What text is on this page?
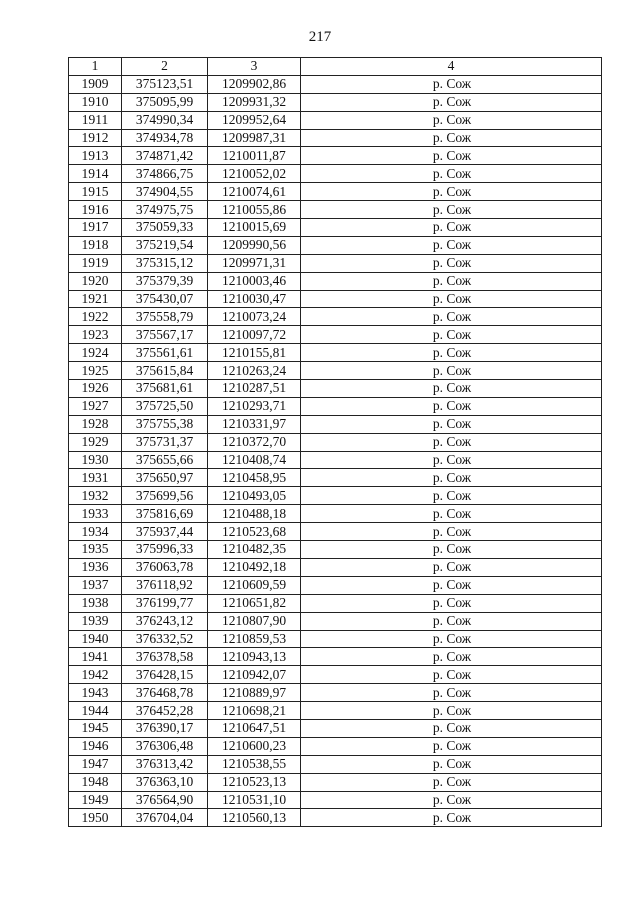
217
1	2	3	4
1909	375123,51	1209902,86	р. Сож
1910	375095,99	1209931,32	р. Сож
1911	374990,34	1209952,64	р. Сож
1912	374934,78	1209987,31	р. Сож
1913	374871,42	1210011,87	р. Сож
1914	374866,75	1210052,02	р. Сож
1915	374904,55	1210074,61	р. Сож
1916	374975,75	1210055,86	р. Сож
1917	375059,33	1210015,69	р. Сож
1918	375219,54	1209990,56	р. Сож
1919	375315,12	1209971,31	р. Сож
1920	375379,39	1210003,46	р. Сож
1921	375430,07	1210030,47	р. Сож
1922	375558,79	1210073,24	р. Сож
1923	375567,17	1210097,72	р. Сож
1924	375561,61	1210155,81	р. Сож
1925	375615,84	1210263,24	р. Сож
1926	375681,61	1210287,51	р. Сож
1927	375725,50	1210293,71	р. Сож
1928	375755,38	1210331,97	р. Сож
1929	375731,37	1210372,70	р. Сож
1930	375655,66	1210408,74	р. Сож
1931	375650,97	1210458,95	р. Сож
1932	375699,56	1210493,05	р. Сож
1933	375816,69	1210488,18	р. Сож
1934	375937,44	1210523,68	р. Сож
1935	375996,33	1210482,35	р. Сож
1936	376063,78	1210492,18	р. Сож
1937	376118,92	1210609,59	р. Сож
1938	376199,77	1210651,82	р. Сож
1939	376243,12	1210807,90	р. Сож
1940	376332,52	1210859,53	р. Сож
1941	376378,58	1210943,13	р. Сож
1942	376428,15	1210942,07	р. Сож
1943	376468,78	1210889,97	р. Сож
1944	376452,28	1210698,21	р. Сож
1945	376390,17	1210647,51	р. Сож
1946	376306,48	1210600,23	р. Сож
1947	376313,42	1210538,55	р. Сож
1948	376363,10	1210523,13	р. Сож
1949	376564,90	1210531,10	р. Сож
1950	376704,04	1210560,13	р. Сож
